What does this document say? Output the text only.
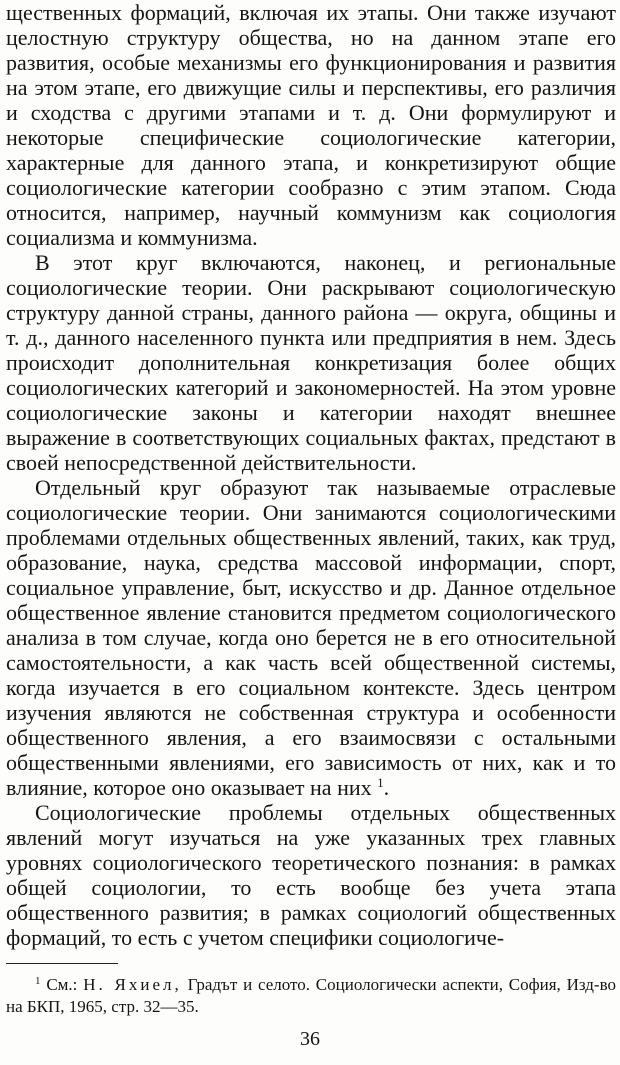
щественных формаций, включая их этапы. Они также изучают целостную структуру общества, но на данном этапе его развития, особые механизмы его функционирования и развития на этом этапе, его движущие силы и перспективы, его различия и сходства с другими этапами и т. д. Они формулируют и некоторые специфические социологические категории, характерные для данного этапа, и конкретизируют общие социологические категории сообразно с этим этапом. Сюда относится, например, научный коммунизм как социология социализма и коммунизма.

В этот круг включаются, наконец, и региональные социологические теории. Они раскрывают социологическую структуру данной страны, данного района — округа, общины и т. д., данного населенного пункта или предприятия в нем. Здесь происходит дополнительная конкретизация более общих социологических категорий и закономерностей. На этом уровне социологические законы и категории находят внешнее выражение в соответствующих социальных фактах, предстают в своей непосредственной действительности.

Отдельный круг образуют так называемые отраслевые социологические теории. Они занимаются социологическими проблемами отдельных общественных явлений, таких, как труд, образование, наука, средства массовой информации, спорт, социальное управление, быт, искусство и др. Данное отдельное общественное явление становится предметом социологического анализа в том случае, когда оно берется не в его относительной самостоятельности, а как часть всей общественной системы, когда изучается в его социальном контексте. Здесь центром изучения являются не собственная структура и особенности общественного явления, а его взаимосвязи с остальными общественными явлениями, его зависимость от них, как и то влияние, которое оно оказывает на них $^1$.

Социологические проблемы отдельных общественных явлений могут изучаться на уже указанных трех главных уровнях социологического теоретического познания: в рамках общей социологии, то есть вообще без учета этапа общественного развития; в рамках социологий общественных формаций, то есть с учетом специфики социологиче-

$^1$ См.: Н. Яхиел, Градът и селото. Социологически аспекти, София, Изд-во на БКП, 1965, стр. 32—35.

36
